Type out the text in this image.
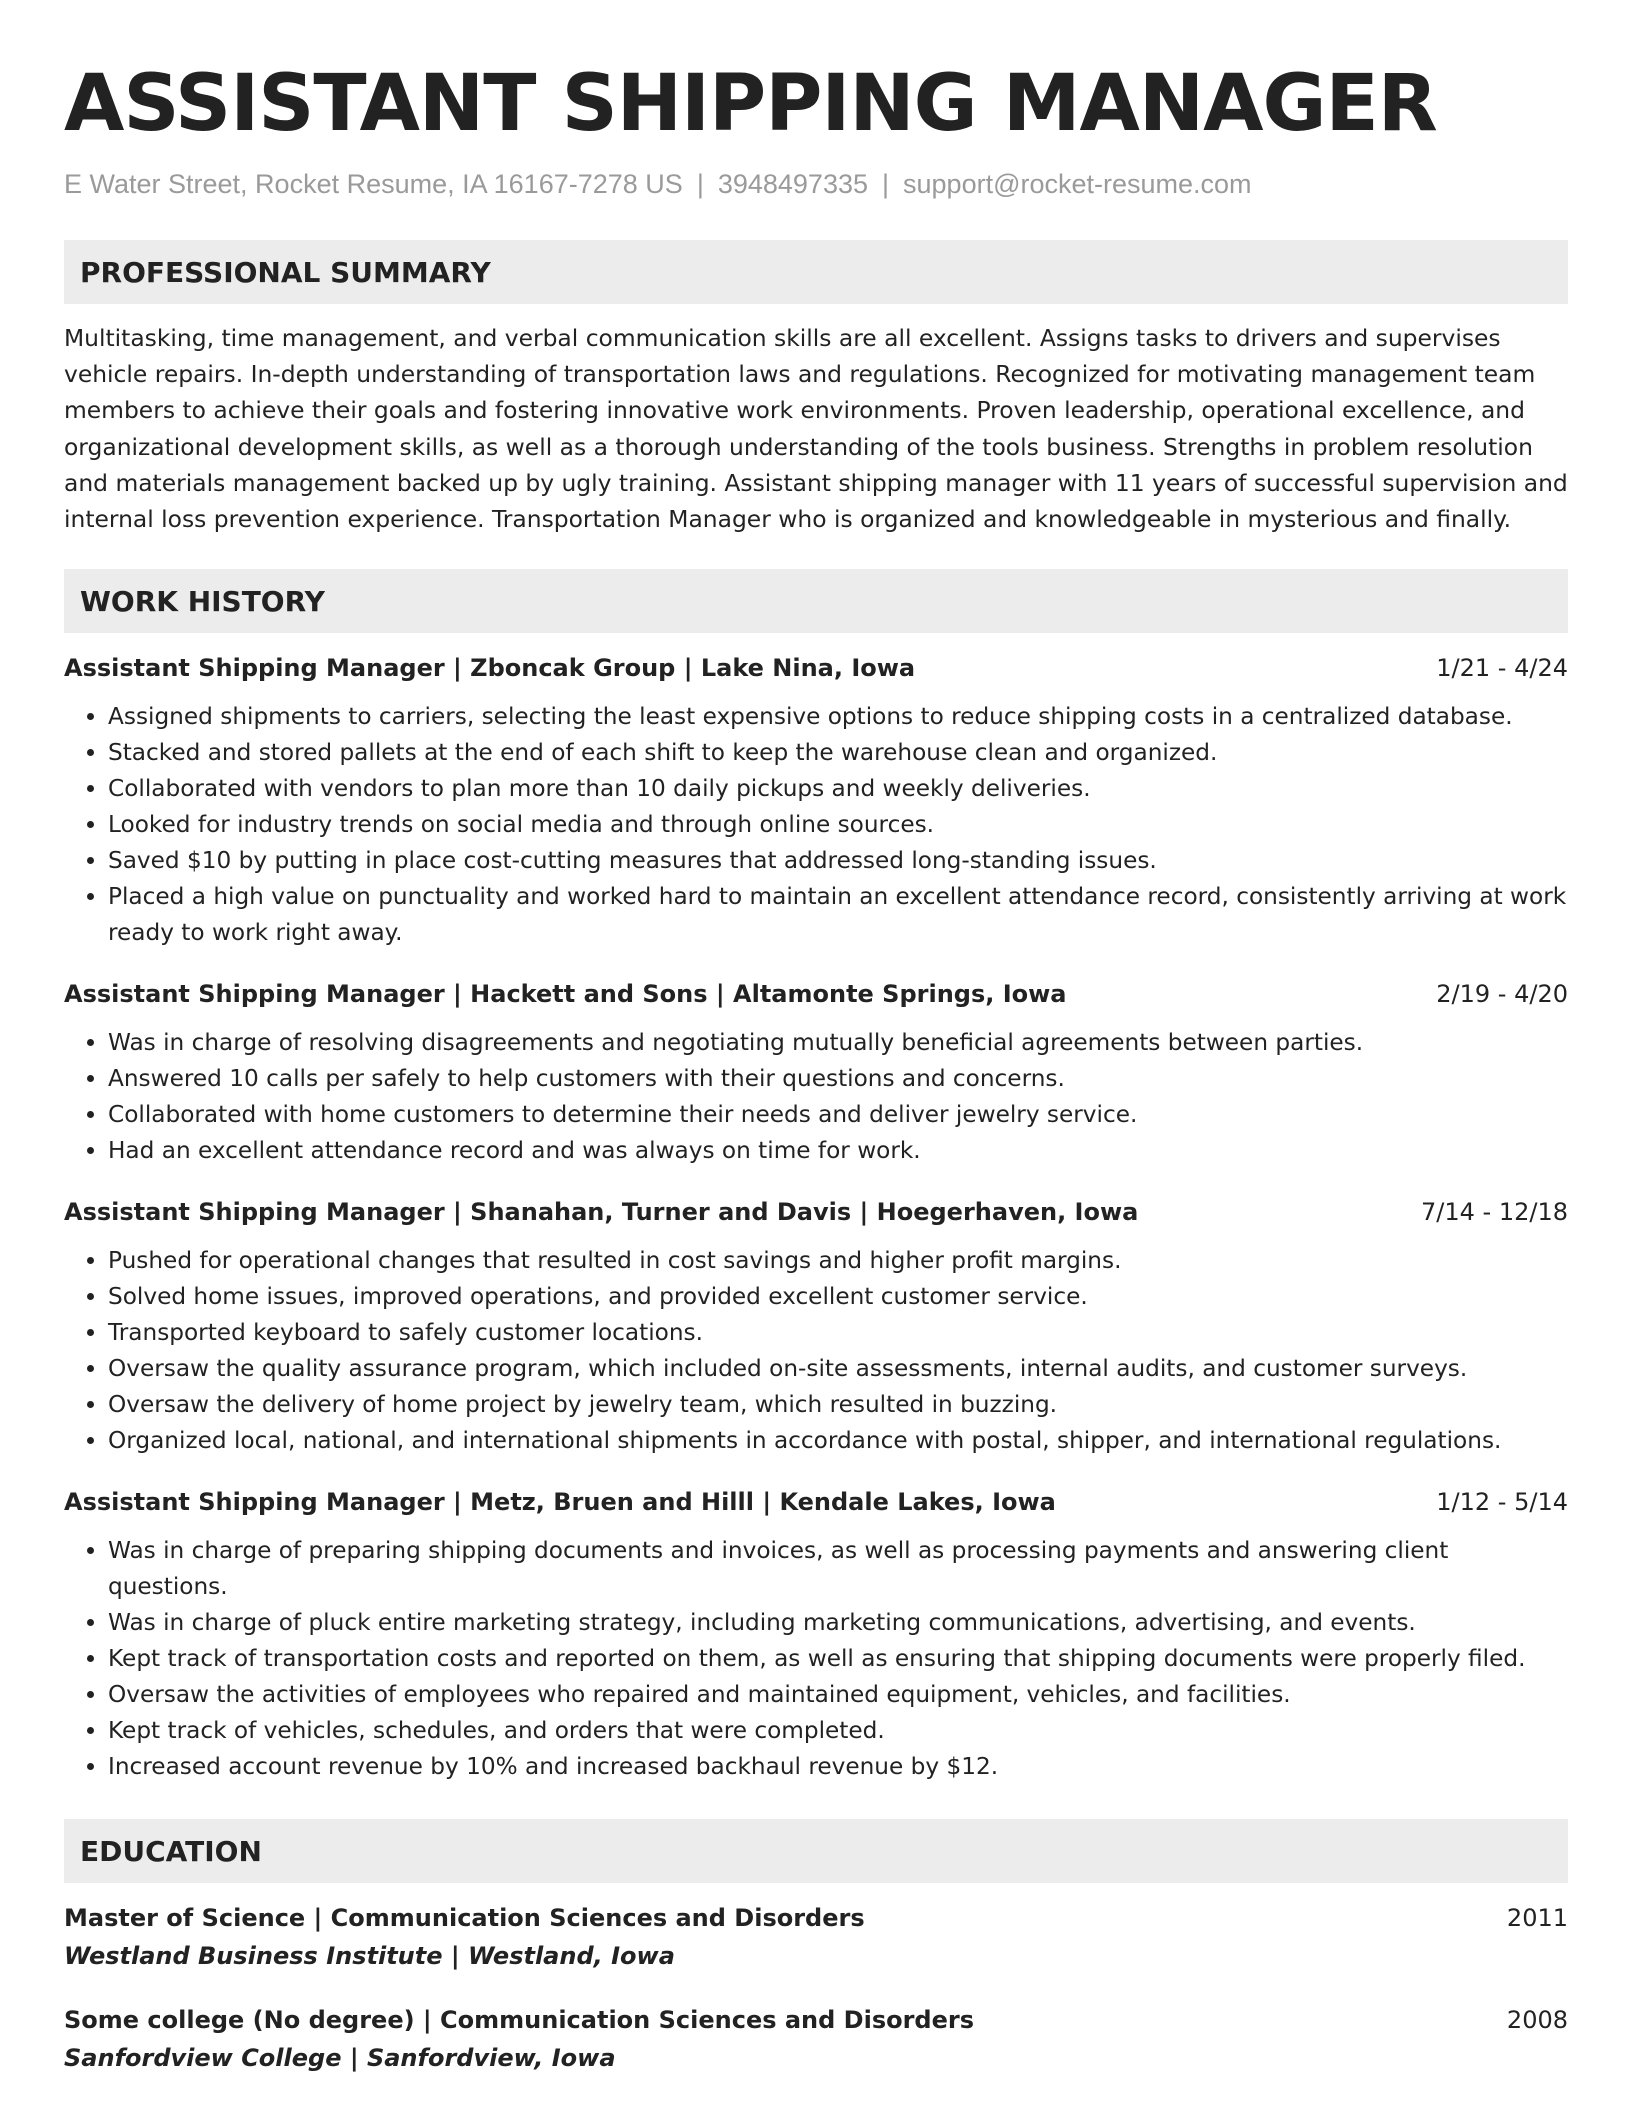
ASSISTANT SHIPPING MANAGER
E Water Street, Rocket Resume, IA 16167-7278 US | 3948497335 | support@rocket-resume.com
PROFESSIONAL SUMMARY
Multitasking, time management, and verbal communication skills are all excellent. Assigns tasks to drivers and supervises vehicle repairs. In-depth understanding of transportation laws and regulations. Recognized for motivating management team members to achieve their goals and fostering innovative work environments. Proven leadership, operational excellence, and organizational development skills, as well as a thorough understanding of the tools business. Strengths in problem resolution and materials management backed up by ugly training. Assistant shipping manager with 11 years of successful supervision and internal loss prevention experience. Transportation Manager who is organized and knowledgeable in mysterious and finally.
WORK HISTORY
Assistant Shipping Manager | Zboncak Group | Lake Nina, Iowa	1/21 - 4/24
• Assigned shipments to carriers, selecting the least expensive options to reduce shipping costs in a centralized database.
• Stacked and stored pallets at the end of each shift to keep the warehouse clean and organized.
• Collaborated with vendors to plan more than 10 daily pickups and weekly deliveries.
• Looked for industry trends on social media and through online sources.
• Saved $10 by putting in place cost-cutting measures that addressed long-standing issues.
• Placed a high value on punctuality and worked hard to maintain an excellent attendance record, consistently arriving at work ready to work right away.
Assistant Shipping Manager | Hackett and Sons | Altamonte Springs, Iowa	2/19 - 4/20
• Was in charge of resolving disagreements and negotiating mutually beneficial agreements between parties.
• Answered 10 calls per safely to help customers with their questions and concerns.
• Collaborated with home customers to determine their needs and deliver jewelry service.
• Had an excellent attendance record and was always on time for work.
Assistant Shipping Manager | Shanahan, Turner and Davis | Hoegerhaven, Iowa	7/14 - 12/18
• Pushed for operational changes that resulted in cost savings and higher profit margins.
• Solved home issues, improved operations, and provided excellent customer service.
• Transported keyboard to safely customer locations.
• Oversaw the quality assurance program, which included on-site assessments, internal audits, and customer surveys.
• Oversaw the delivery of home project by jewelry team, which resulted in buzzing.
• Organized local, national, and international shipments in accordance with postal, shipper, and international regulations.
Assistant Shipping Manager | Metz, Bruen and Hilll | Kendale Lakes, Iowa	1/12 - 5/14
• Was in charge of preparing shipping documents and invoices, as well as processing payments and answering client questions.
• Was in charge of pluck entire marketing strategy, including marketing communications, advertising, and events.
• Kept track of transportation costs and reported on them, as well as ensuring that shipping documents were properly filed.
• Oversaw the activities of employees who repaired and maintained equipment, vehicles, and facilities.
• Kept track of vehicles, schedules, and orders that were completed.
• Increased account revenue by 10% and increased backhaul revenue by $12.
EDUCATION
Master of Science | Communication Sciences and Disorders	2011
Westland Business Institute | Westland, Iowa
Some college (No degree) | Communication Sciences and Disorders	2008
Sanfordview College | Sanfordview, Iowa
